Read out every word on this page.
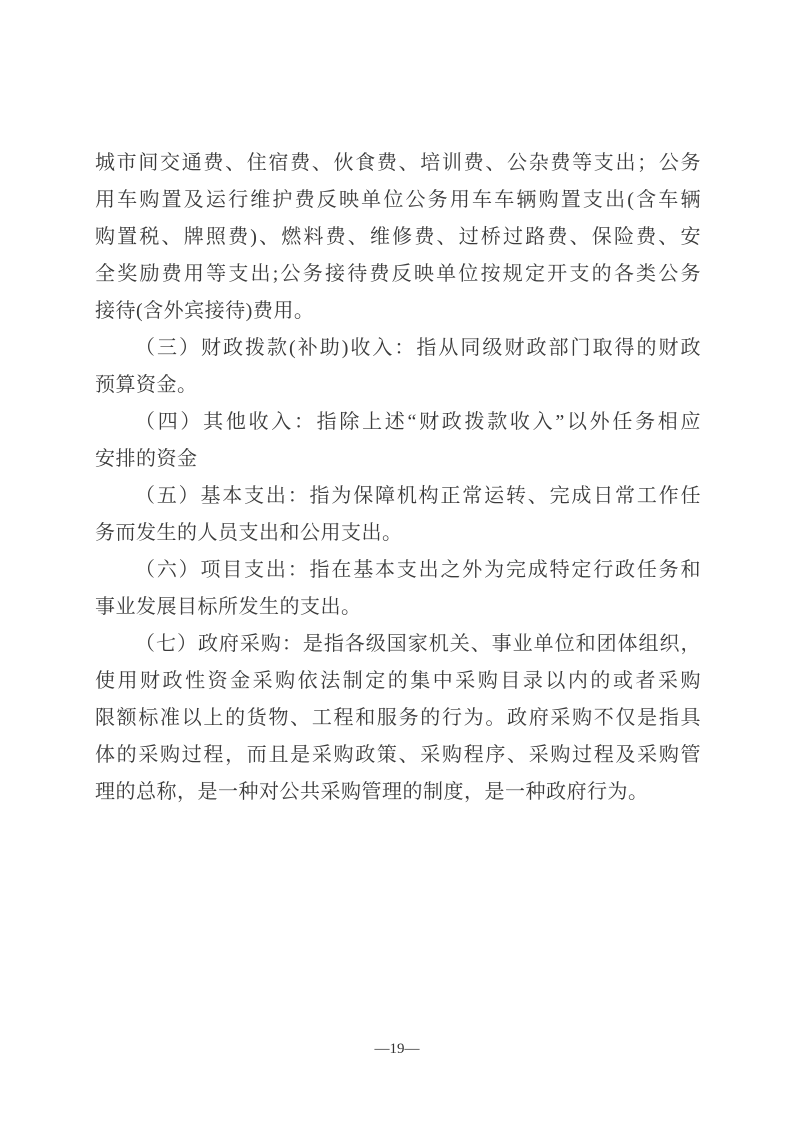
城市间交通费、住宿费、伙食费、培训费、公杂费等支出；公务
用车购置及运行维护费反映单位公务用车车辆购置支出(含车辆
购置税、牌照费)、燃料费、维修费、过桥过路费、保险费、安
全奖励费用等支出;公务接待费反映单位按规定开支的各类公务
接待(含外宾接待)费用。
（三）财政拨款(补助)收入：指从同级财政部门取得的财政
预算资金。
（四）其他收入：指除上述“财政拨款收入”以外任务相应
安排的资金
（五）基本支出：指为保障机构正常运转、完成日常工作任
务而发生的人员支出和公用支出。
（六）项目支出：指在基本支出之外为完成特定行政任务和
事业发展目标所发生的支出。
（七）政府采购：是指各级国家机关、事业单位和团体组织，
使用财政性资金采购依法制定的集中采购目录以内的或者采购
限额标准以上的货物、工程和服务的行为。政府采购不仅是指具
体的采购过程，而且是采购政策、采购程序、采购过程及采购管
理的总称，是一种对公共采购管理的制度，是一种政府行为。
—19—
